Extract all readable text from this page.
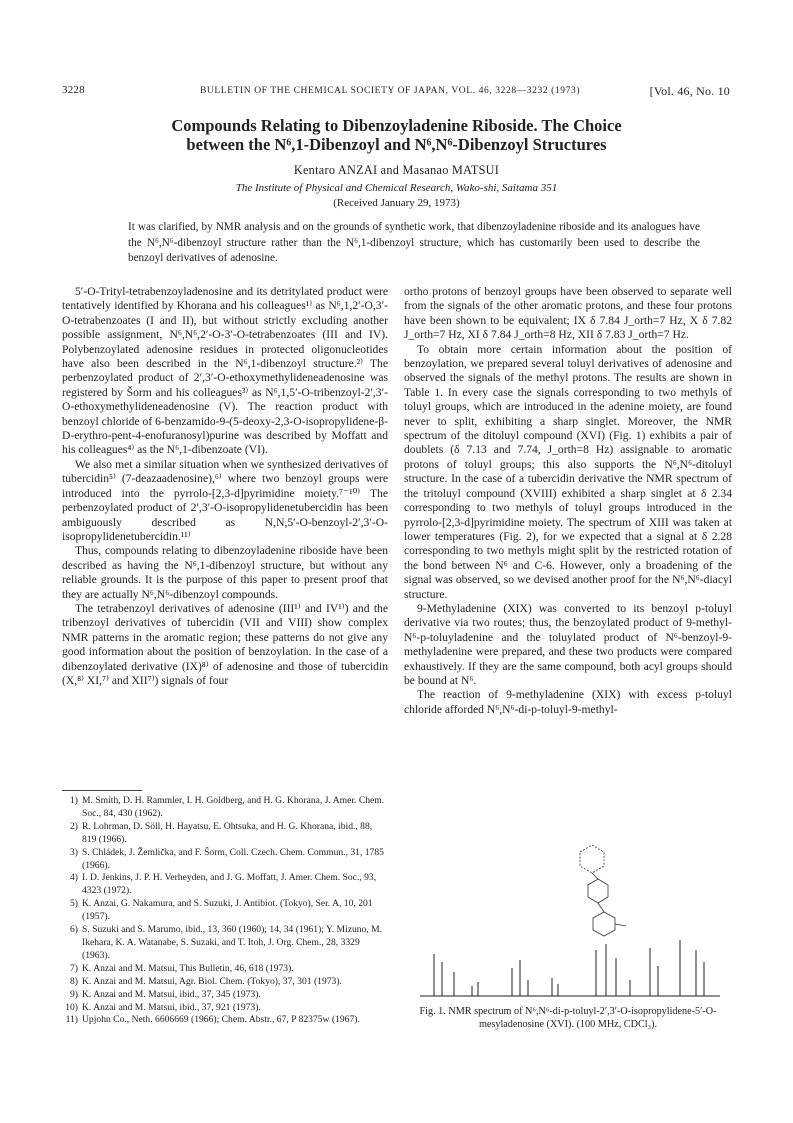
3228	BULLETIN OF THE CHEMICAL SOCIETY OF JAPAN, VOL. 46, 3228—3232 (1973)	[Vol. 46, No. 10
Compounds Relating to Dibenzoyladenine Riboside. The Choice
between the N⁶,1-Dibenzoyl and N⁶,N⁶-Dibenzoyl Structures
Kentaro ANZAI and Masanao MATSUI
The Institute of Physical and Chemical Research, Wako-shi, Saitama 351
(Received January 29, 1973)
It was clarified, by NMR analysis and on the grounds of synthetic work, that dibenzoyladenine riboside and its analogues have the N⁶,N⁶-dibenzoyl structure rather than the N⁶,1-dibenzoyl structure, which has customarily been used to describe the benzoyl derivatives of adenosine.

5′-O-Trityl-tetrabenzoyladenosine and its detritylated product were tentatively identified by Khorana and his colleagues¹⁾ as N⁶,1,2′-O,3′-O-tetrabenzoates (I and II), but without strictly excluding another possible assignment, N⁶,N⁶,2′-O-3′-O-tetrabenzoates (III and IV). Polybenzoylated adenosine residues in protected oligonucleotides have also been described in the N⁶,1-dibenzoyl structure.²⁾ The perbenzoylated product of 2′,3′-O-ethoxymethylideneadenosine was registered by Šorm and his colleagues³⁾ as N⁶,1,5′-O-tribenzoyl-2′,3′-O-ethoxymethylideneadenosine (V). The reaction product with benzoyl chloride of 6-benzamido-9-(5-deoxy-2,3-O-isopropylidene-β-D-erythro-pent-4-enofuranosyl)purine was described by Moffatt and his colleagues⁴⁾ as the N⁶,1-dibenzoate (VI).

We also met a similar situation when we synthesized derivatives of tubercidin⁵⁾ (7-deazaadenosine),⁶⁾ where two benzoyl groups were introduced into the pyrrolo-[2,3-d]pyrimidine moiety.⁷⁻¹⁰⁾ The perbenzoylated product of 2′,3′-O-isopropylidenetubercidin has been ambiguously described as N,N,5′-O-benzoyl-2′,3′-O-isopropylidenetubercidin.¹¹⁾

Thus, compounds relating to dibenzoyladenine riboside have been described as having the N⁶,1-dibenzoyl structure, but without any reliable grounds. It is the purpose of this paper to present proof that they are actually N⁶,N⁶-dibenzoyl compounds.

The tetrabenzoyl derivatives of adenosine (III¹⁾ and IV¹⁾) and the tribenzoyl derivatives of tubercidin (VII and VIII) show complex NMR patterns in the aromatic region; these patterns do not give any good information about the position of benzoylation. In the case of a dibenzoylated derivative (IX)⁸⁾ of adenosine and those of tubercidin (X,⁸⁾ XI,⁷⁾ and XII⁷⁾) signals of four

1) M. Smith, D. H. Rammler, I. H. Goldberg, and H. G. Khorana, J. Amer. Chem. Soc., 84, 430 (1962).
2) R. Lohrman, D. Söll, H. Hayatsu, E. Ohtsuka, and H. G. Khorana, ibid., 88, 819 (1966).
3) S. Chládek, J. Žemlička, and F. Šorm, Coll. Czech. Chem. Commun., 31, 1785 (1966).
4) I. D. Jenkins, J. P. H. Verheyden, and J. G. Moffatt, J. Amer. Chem. Soc., 93, 4323 (1972).
5) K. Anzai, G. Nakamura, and S. Suzuki, J. Antibiot. (Tokyo), Ser. A, 10, 201 (1957).
6) S. Suzuki and S. Marumo, ibid., 13, 360 (1960); 14, 34 (1961); Y. Mizuno, M. Ikehara, K. A. Watanabe, S. Suzaki, and T. Itoh, J. Org. Chem., 28, 3329 (1963).
7) K. Anzai and M. Matsui, This Bulletin, 46, 618 (1973).
8) K. Anzai and M. Matsui, Agr. Biol. Chem. (Tokyo), 37, 301 (1973).
9) K. Anzai and M. Matsui, ibid., 37, 345 (1973).
10) K. Anzai and M. Matsui, ibid., 37, 921 (1973).
11) Upjohn Co., Neth. 6606669 (1966); Chem. Abstr., 67, P 82375w (1967).

ortho protons of benzoyl groups have been observed to separate well from the signals of the other aromatic protons, and these four protons have been shown to be equivalent; IX δ 7.84 J_orth=7 Hz, X δ 7.82 J_orth=7 Hz, XI δ 7.84 J_orth=8 Hz, XII δ 7.83 J_orth=7 Hz.

To obtain more certain information about the position of benzoylation, we prepared several toluyl derivatives of adenosine and observed the signals of the methyl protons. The results are shown in Table 1. In every case the signals corresponding to two methyls of toluyl groups, which are introduced in the adenine moiety, are found never to split, exhibiting a sharp singlet. Moreover, the NMR spectrum of the ditoluyl compound (XVI) (Fig. 1) exhibits a pair of doublets (δ 7.13 and 7.74, J_orth=8 Hz) assignable to aromatic protons of toluyl groups; this also supports the N⁶,N⁶-ditoluyl structure. In the case of a tubercidin derivative the NMR spectrum of the tritoluyl compound (XVIII) exhibited a sharp singlet at δ 2.34 corresponding to two methyls of toluyl groups introduced in the pyrrolo-[2,3-d]pyrimidine moiety. The spectrum of XIII was taken at lower temperatures (Fig. 2), for we expected that a signal at δ 2.28 corresponding to two methyls might split by the restricted rotation of the bond between N⁶ and C-6. However, only a broadening of the signal was observed, so we devised another proof for the N⁶,N⁶-diacyl structure.

9-Methyladenine (XIX) was converted to its benzoyl p-toluyl derivative via two routes; thus, the benzoylated product of 9-methyl-N⁶-p-toluyladenine and the toluylated product of N⁶-benzoyl-9-methyladenine were prepared, and these two products were compared exhaustively. If they are the same compound, both acyl groups should be bound at N⁶.

The reaction of 9-methyladenine (XIX) with excess p-toluyl chloride afforded N⁶,N⁶-di-p-toluyl-9-methyl-

Fig. 1. NMR spectrum of N⁶,N⁶-di-p-toluyl-2′,3′-O-isopropylidene-5′-O-mesyladenosine (XVI). (100 MHz, CDCl₃).
